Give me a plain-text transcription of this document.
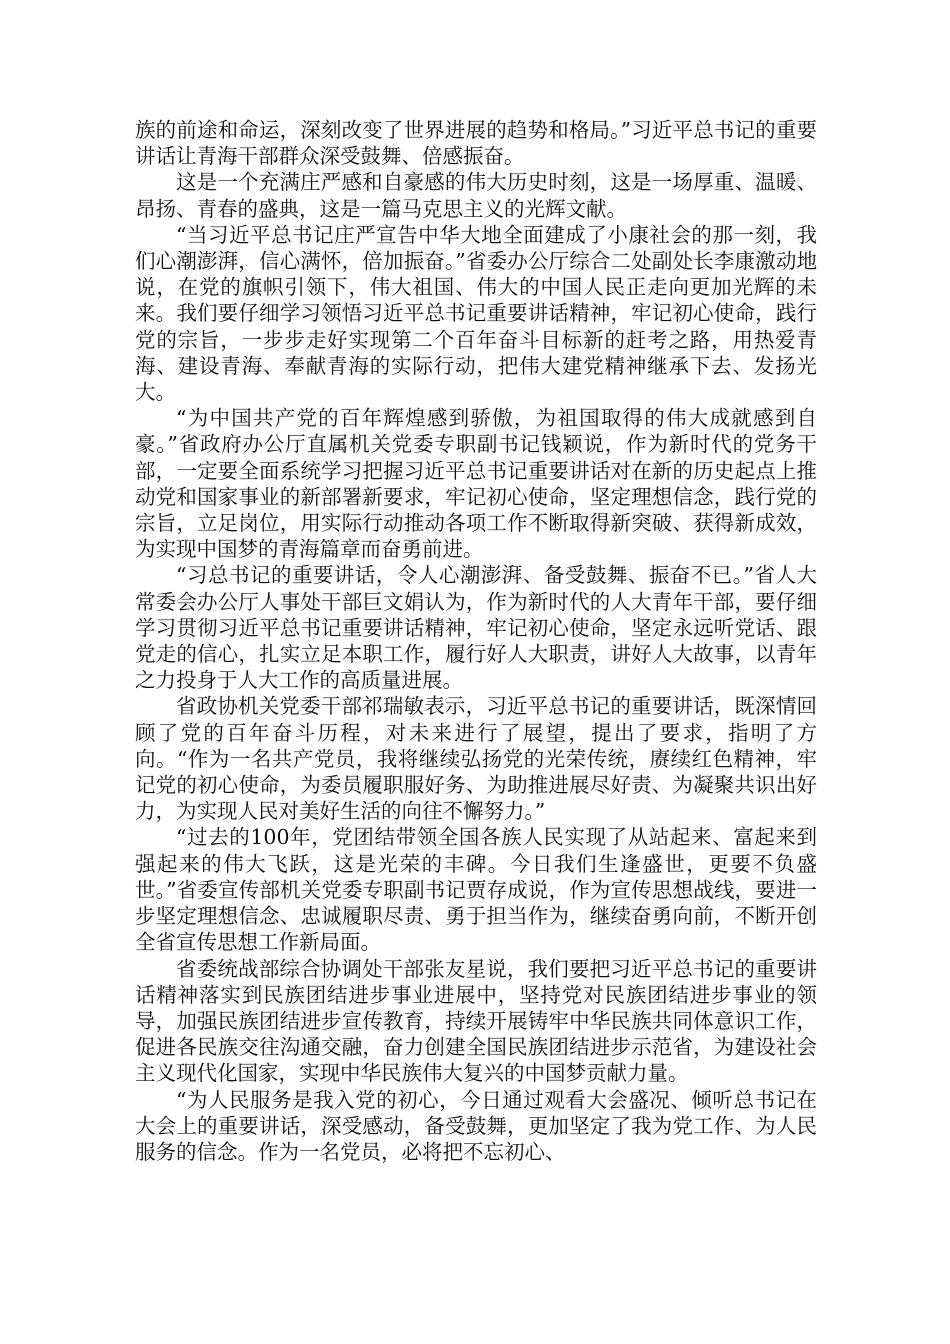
族的前途和命运，深刻改变了世界进展的趋势和格局。”习近平总书记的重要讲话让青海干部群众深受鼓舞、倍感振奋。

这是一个充满庄严感和自豪感的伟大历史时刻，这是一场厚重、温暖、昂扬、青春的盛典，这是一篇马克思主义的光辉文献。

“当习近平总书记庄严宣告中华大地全面建成了小康社会的那一刻，我们心潮澎湃，信心满怀，倍加振奋。”省委办公厅综合二处副处长李康激动地说，在党的旗帜引领下，伟大祖国、伟大的中国人民正走向更加光辉的未来。我们要仔细学习领悟习近平总书记重要讲话精神，牢记初心使命，践行党的宗旨，一步步走好实现第二个百年奋斗目标新的赶考之路，用热爱青海、建设青海、奉献青海的实际行动，把伟大建党精神继承下去、发扬光大。

“为中国共产党的百年辉煌感到骄傲，为祖国取得的伟大成就感到自豪。”省政府办公厅直属机关党委专职副书记钱颖说，作为新时代的党务干部，一定要全面系统学习把握习近平总书记重要讲话对在新的历史起点上推动党和国家事业的新部署新要求，牢记初心使命，坚定理想信念，践行党的宗旨，立足岗位，用实际行动推动各项工作不断取得新突破、获得新成效，为实现中国梦的青海篇章而奋勇前进。

“习总书记的重要讲话，令人心潮澎湃、备受鼓舞、振奋不已。”省人大常委会办公厅人事处干部巨文娟认为，作为新时代的人大青年干部，要仔细学习贯彻习近平总书记重要讲话精神，牢记初心使命，坚定永远听党话、跟党走的信心，扎实立足本职工作，履行好人大职责，讲好人大故事，以青年之力投身于人大工作的高质量进展。

省政协机关党委干部祁瑞敏表示，习近平总书记的重要讲话，既深情回顾了党的百年奋斗历程，对未来进行了展望，提出了要求，指明了方向。“作为一名共产党员，我将继续弘扬党的光荣传统，赓续红色精神，牢记党的初心使命，为委员履职服好务、为助推进展尽好责、为凝聚共识出好力，为实现人民对美好生活的向往不懈努力。”

“过去的100年，党团结带领全国各族人民实现了从站起来、富起来到强起来的伟大飞跃，这是光荣的丰碑。今日我们生逢盛世，更要不负盛世。”省委宣传部机关党委专职副书记贾存成说，作为宣传思想战线，要进一步坚定理想信念、忠诚履职尽责、勇于担当作为，继续奋勇向前，不断开创全省宣传思想工作新局面。

省委统战部综合协调处干部张友星说，我们要把习近平总书记的重要讲话精神落实到民族团结进步事业进展中，坚持党对民族团结进步事业的领导，加强民族团结进步宣传教育，持续开展铸牢中华民族共同体意识工作，促进各民族交往沟通交融，奋力创建全国民族团结进步示范省，为建设社会主义现代化国家，实现中华民族伟大复兴的中国梦贡献力量。

“为人民服务是我入党的初心，今日通过观看大会盛况、倾听总书记在大会上的重要讲话，深受感动，备受鼓舞，更加坚定了我为党工作、为人民服务的信念。作为一名党员，必将把不忘初心、
